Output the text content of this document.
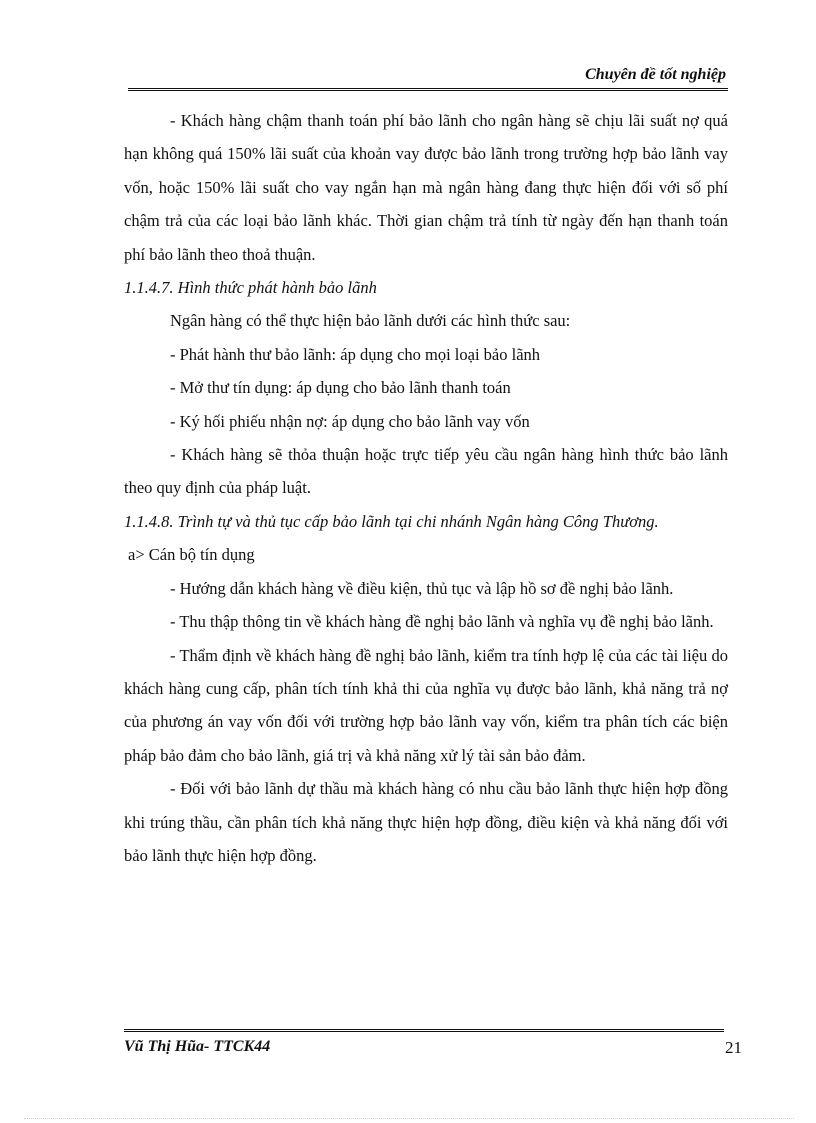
Chuyên đề tốt nghiệp

- Khách hàng chậm thanh toán phí bảo lãnh cho ngân hàng sẽ chịu lãi suất nợ quá hạn không quá 150% lãi suất của khoản vay được bảo lãnh trong trường hợp bảo lãnh vay vốn, hoặc 150% lãi suất cho vay ngắn hạn mà ngân hàng đang thực hiện đối với số phí chậm trả của các loại bảo lãnh khác. Thời gian chậm trả tính từ ngày đến hạn thanh toán phí bảo lãnh theo thoả thuận.

1.1.4.7. Hình thức phát hành bảo lãnh

Ngân hàng có thể thực hiện bảo lãnh dưới các hình thức sau:

- Phát hành thư bảo lãnh: áp dụng cho mọi loại bảo lãnh

- Mở thư tín dụng: áp dụng cho bảo lãnh thanh toán

- Ký hối phiếu nhận nợ: áp dụng cho bảo lãnh vay vốn

- Khách hàng sẽ thỏa thuận hoặc trực tiếp yêu cầu ngân hàng hình thức bảo lãnh theo quy định của pháp luật.

1.1.4.8. Trình tự và thủ tục cấp bảo lãnh tại chi nhánh Ngân hàng Công Thương.

a> Cán bộ tín dụng

- Hướng dẫn khách hàng về điều kiện, thủ tục và lập hồ sơ đề nghị bảo lãnh.

- Thu thập thông tin về khách hàng đề nghị bảo lãnh và nghĩa vụ đề nghị bảo lãnh.

- Thẩm định về khách hàng đề nghị bảo lãnh, kiểm tra tính hợp lệ của các tài liệu do khách hàng cung cấp, phân tích tính khả thi của nghĩa vụ được bảo lãnh, khả năng trả nợ của phương án vay vốn đối với trường hợp bảo lãnh vay vốn, kiểm tra phân tích các biện pháp bảo đảm cho bảo lãnh, giá trị và khả năng xử lý tài sản bảo đảm.

- Đối với bảo lãnh dự thầu mà khách hàng có nhu cầu bảo lãnh thực hiện hợp đồng khi trúng thầu, cần phân tích khả năng thực hiện hợp đồng, điều kiện và khả năng đối với bảo lãnh thực hiện hợp đồng.

Vũ Thị Hũa- TTCK44	21
